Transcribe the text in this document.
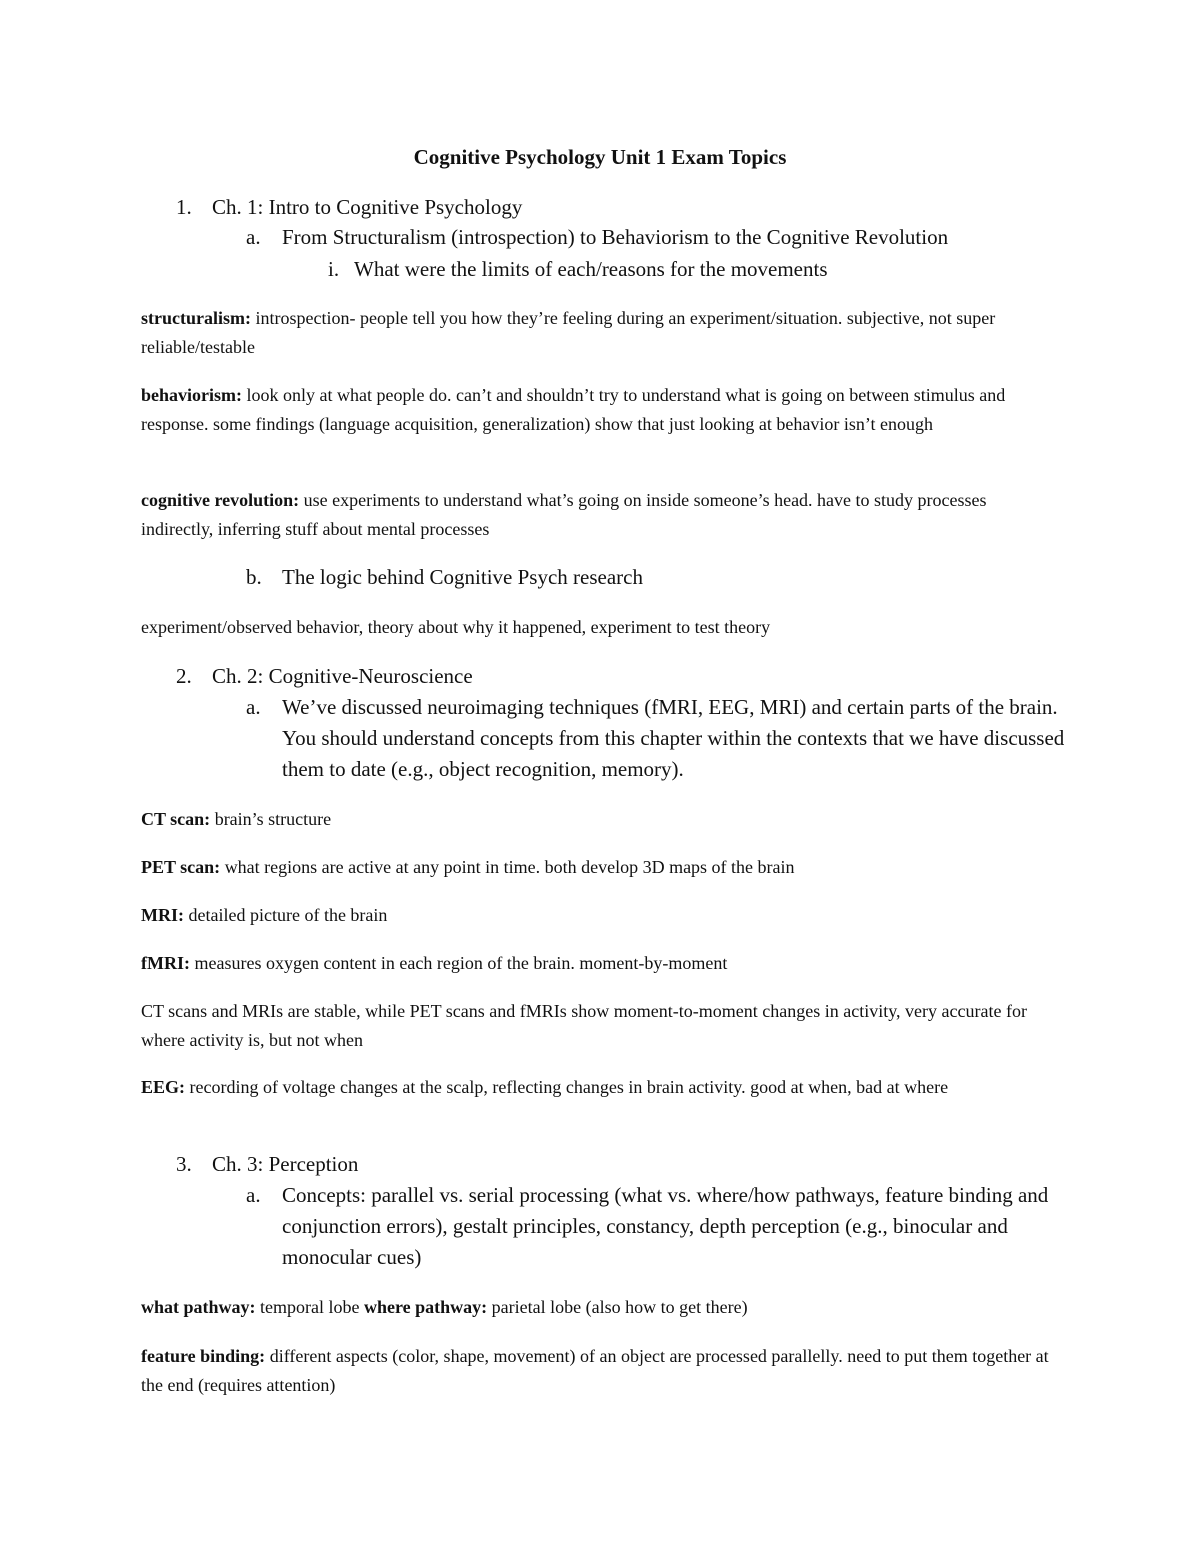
Cognitive Psychology Unit 1 Exam Topics
1. Ch. 1: Intro to Cognitive Psychology
a. From Structuralism (introspection) to Behaviorism to the Cognitive Revolution
i. What were the limits of each/reasons for the movements

structuralism: introspection- people tell you how they’re feeling during an experiment/situation. subjective, not super reliable/testable

behaviorism: look only at what people do. can’t and shouldn’t try to understand what is going on between stimulus and response. some findings (language acquisition, generalization) show that just looking at behavior isn’t enough

cognitive revolution: use experiments to understand what’s going on inside someone’s head. have to study processes indirectly, inferring stuff about mental processes

b. The logic behind Cognitive Psych research

experiment/observed behavior, theory about why it happened, experiment to test theory

2. Ch. 2: Cognitive-Neuroscience
a. We’ve discussed neuroimaging techniques (fMRI, EEG, MRI) and certain parts of the brain. You should understand concepts from this chapter within the contexts that we have discussed them to date (e.g., object recognition, memory).

CT scan: brain’s structure

PET scan: what regions are active at any point in time. both develop 3D maps of the brain

MRI: detailed picture of the brain

fMRI: measures oxygen content in each region of the brain. moment-by-moment

CT scans and MRIs are stable, while PET scans and fMRIs show moment-to-moment changes in activity, very accurate for where activity is, but not when

EEG: recording of voltage changes at the scalp, reflecting changes in brain activity. good at when, bad at where

3. Ch. 3: Perception
a. Concepts: parallel vs. serial processing (what vs. where/how pathways, feature binding and conjunction errors), gestalt principles, constancy, depth perception (e.g., binocular and monocular cues)

what pathway: temporal lobe where pathway: parietal lobe (also how to get there)

feature binding: different aspects (color, shape, movement) of an object are processed parallelly. need to put them together at the end (requires attention)
